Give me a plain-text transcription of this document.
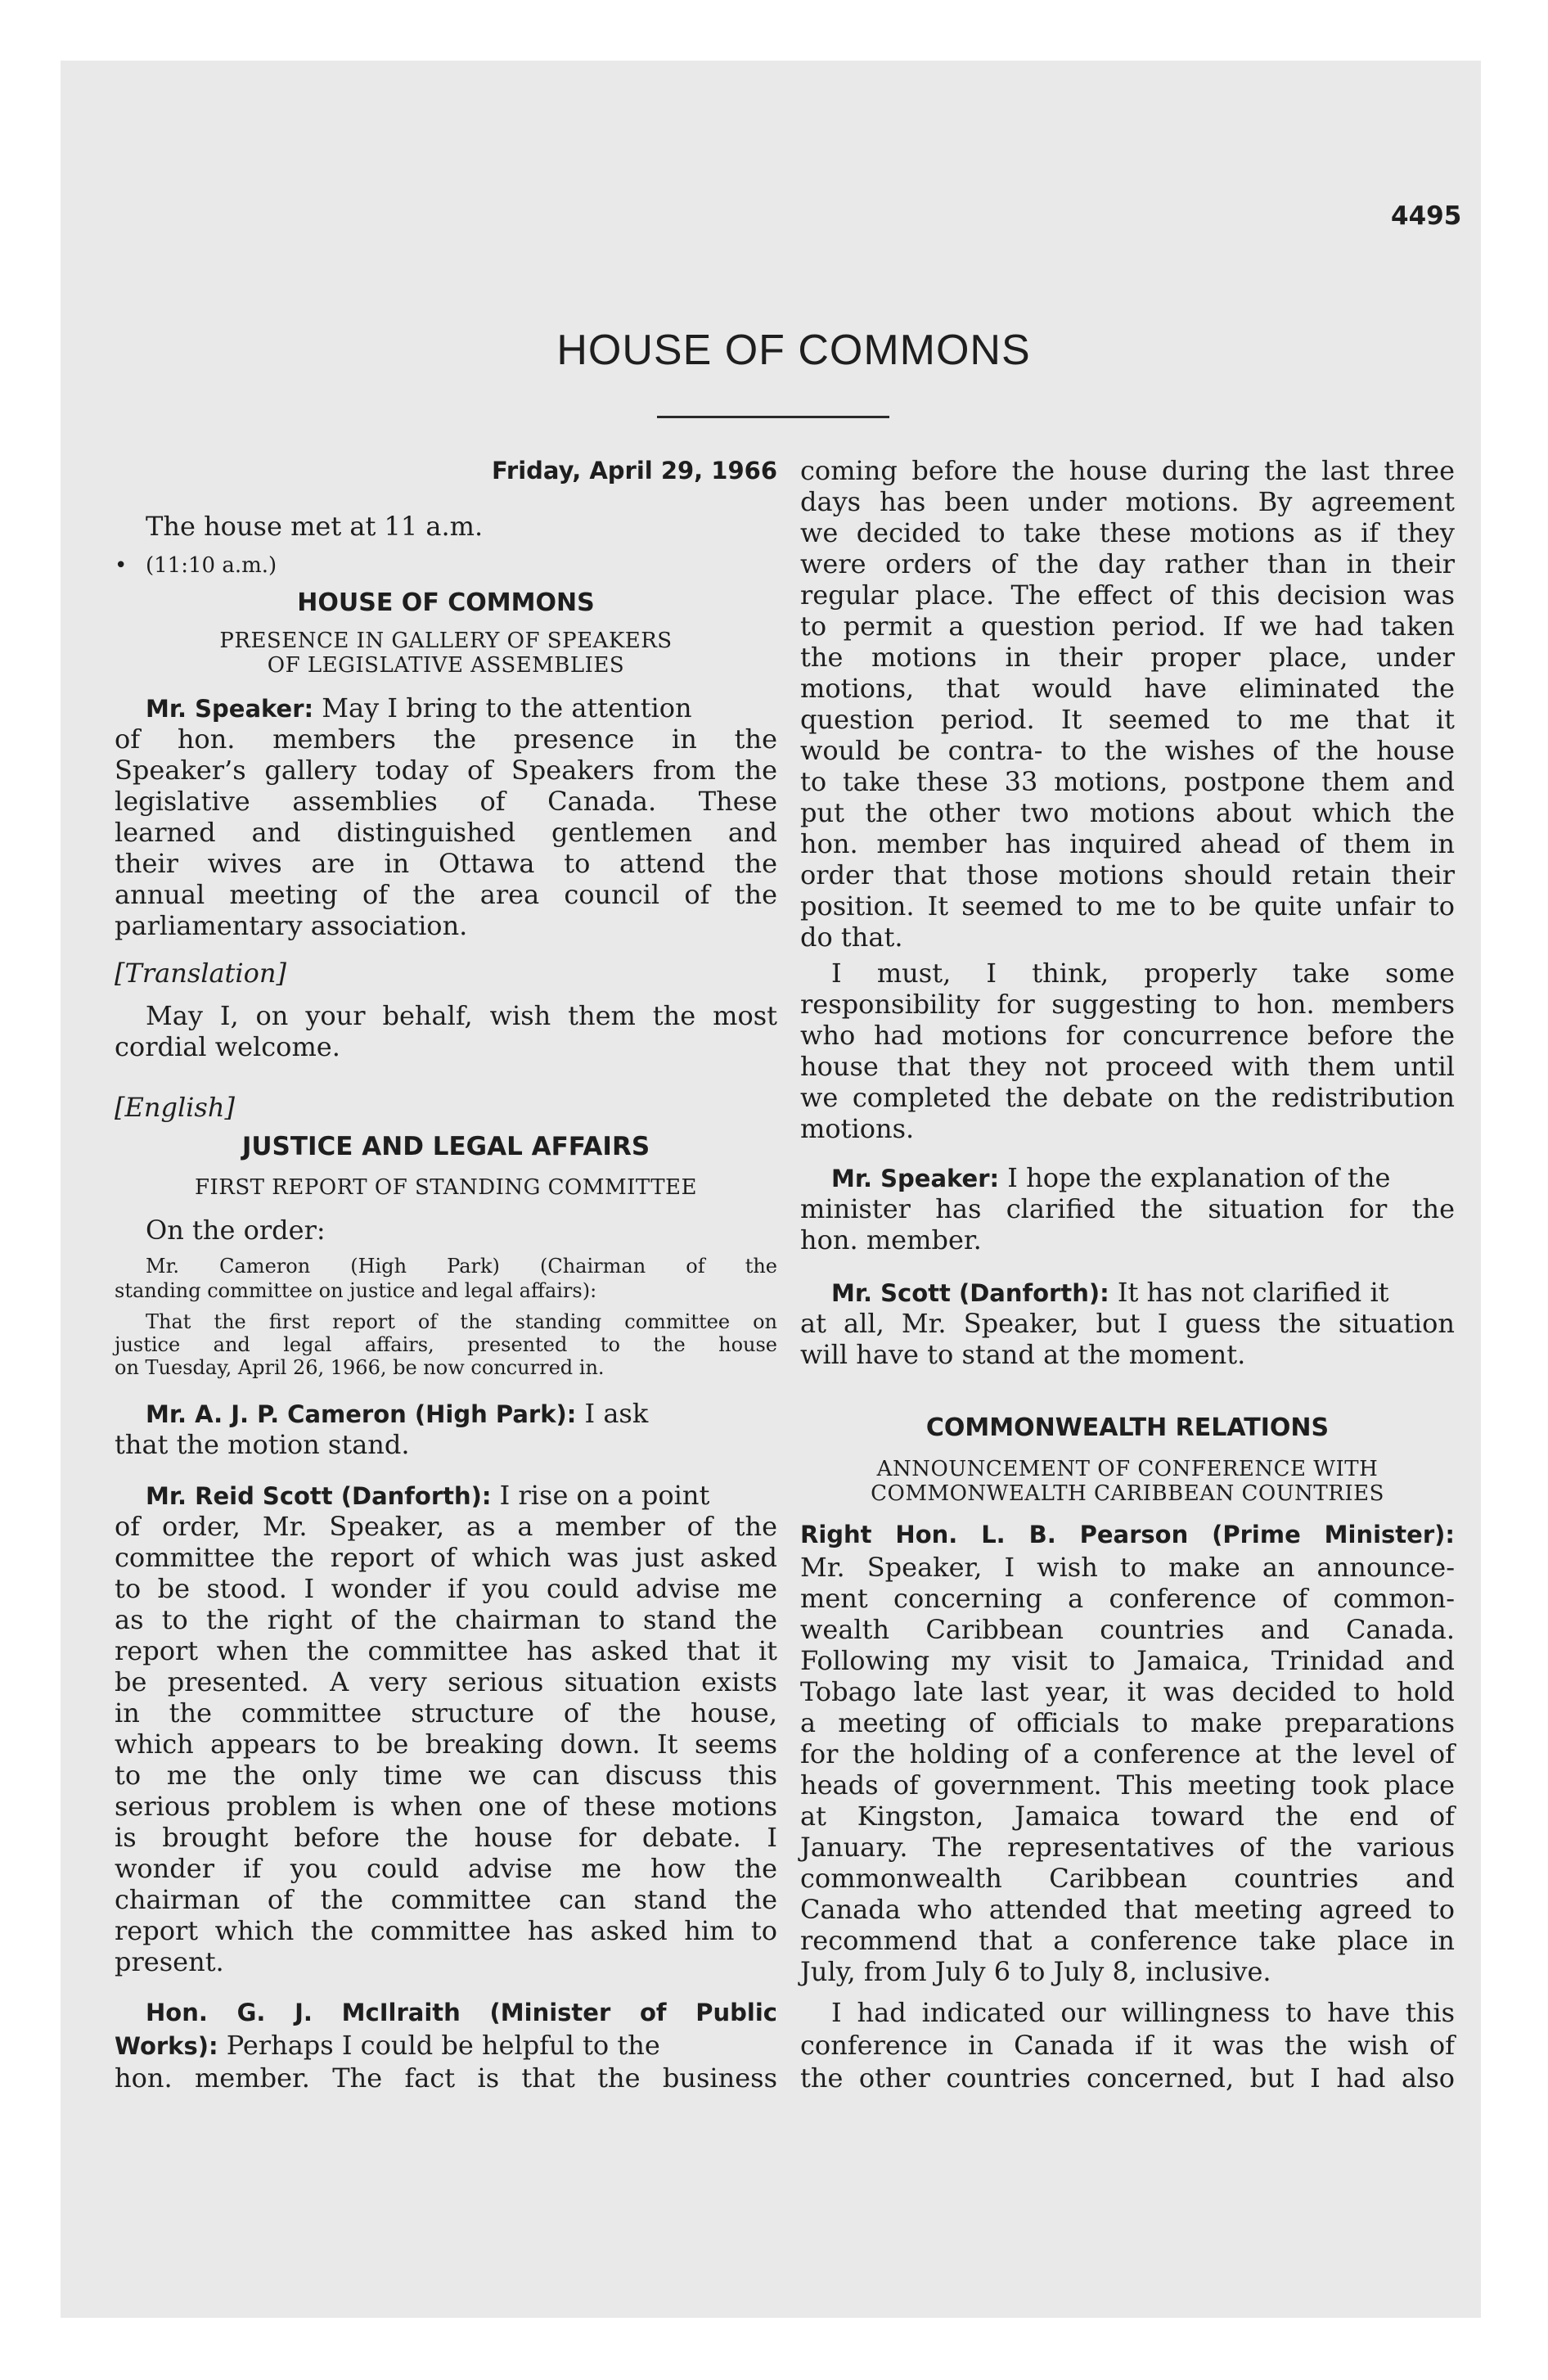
4495
HOUSE OF COMMONS
Friday, April 29, 1966
The house met at 11 a.m.
• (11:10 a.m.)
HOUSE OF COMMONS
PRESENCE IN GALLERY OF SPEAKERS
OF LEGISLATIVE ASSEMBLIES
Mr. Speaker: May I bring to the attention
of hon. members the presence in the
Speaker’s gallery today of Speakers from the
legislative assemblies of Canada. These
learned and distinguished gentlemen and
their wives are in Ottawa to attend the
annual meeting of the area council of the
parliamentary association.
[Translation]
May I, on your behalf, wish them the most
cordial welcome.
[English]
JUSTICE AND LEGAL AFFAIRS
FIRST REPORT OF STANDING COMMITTEE
On the order:
Mr. Cameron (High Park) (Chairman of the
standing committee on justice and legal affairs):
That the first report of the standing committee on
justice and legal affairs, presented to the house
on Tuesday, April 26, 1966, be now concurred in.
Mr. A. J. P. Cameron (High Park): I ask
that the motion stand.
Mr. Reid Scott (Danforth): I rise on a point
of order, Mr. Speaker, as a member of the
committee the report of which was just asked
to be stood. I wonder if you could advise me
as to the right of the chairman to stand the
report when the committee has asked that it
be presented. A very serious situation exists
in the committee structure of the house,
which appears to be breaking down. It seems
to me the only time we can discuss this
serious problem is when one of these motions
is brought before the house for debate. I
wonder if you could advise me how the
chairman of the committee can stand the
report which the committee has asked him to
present.
Hon. G. J. McIlraith (Minister of Public
Works): Perhaps I could be helpful to the
hon. member. The fact is that the business
coming before the house during the last three
days has been under motions. By agreement
we decided to take these motions as if they
were orders of the day rather than in their
regular place. The effect of this decision was
to permit a question period. If we had taken
the motions in their proper place, under
motions, that would have eliminated the
question period. It seemed to me that it
would be contra- to the wishes of the house
to take these 33 motions, postpone them and
put the other two motions about which the
hon. member has inquired ahead of them in
order that those motions should retain their
position. It seemed to me to be quite unfair to
do that.
I must, I think, properly take some
responsibility for suggesting to hon. members
who had motions for concurrence before the
house that they not proceed with them until
we completed the debate on the redistribution
motions.
Mr. Speaker: I hope the explanation of the
minister has clarified the situation for the
hon. member.
Mr. Scott (Danforth): It has not clarified it
at all, Mr. Speaker, but I guess the situation
will have to stand at the moment.
COMMONWEALTH RELATIONS
ANNOUNCEMENT OF CONFERENCE WITH
COMMONWEALTH CARIBBEAN COUNTRIES
Right Hon. L. B. Pearson (Prime Minister):
Mr. Speaker, I wish to make an announce-
ment concerning a conference of common-
wealth Caribbean countries and Canada.
Following my visit to Jamaica, Trinidad and
Tobago late last year, it was decided to hold
a meeting of officials to make preparations
for the holding of a conference at the level of
heads of government. This meeting took place
at Kingston, Jamaica toward the end of
January. The representatives of the various
commonwealth Caribbean countries and
Canada who attended that meeting agreed to
recommend that a conference take place in
July, from July 6 to July 8, inclusive.
I had indicated our willingness to have this
conference in Canada if it was the wish of
the other countries concerned, but I had also
